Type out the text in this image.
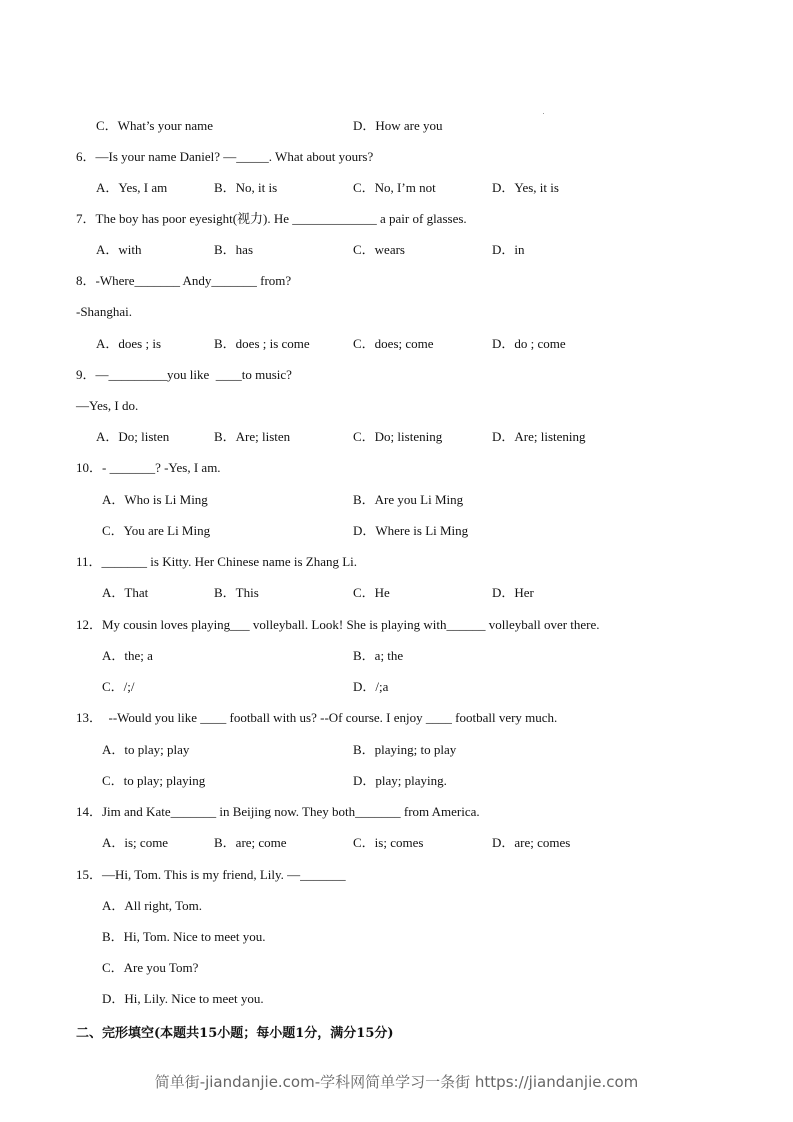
C．What’s your name	D．How are you
6．—Is your name Daniel? —_____. What about yours?
A．Yes, I am	B．No, it is	C．No, I’m not	D．Yes, it is
7．The boy has poor eyesight(视力). He _____________ a pair of glasses.
A．with	B．has	C．wears	D．in
8．-Where_______ Andy_______ from?
-Shanghai.
A．does ; is	B．does ; is come	C．does; come	D．do ; come
9．—_________you like  ____to music?
—Yes, I do.
A．Do; listen	B．Are; listen	C．Do; listening	D．Are; listening
10．- _______? -Yes, I am.
A．Who is Li Ming	B．Are you Li Ming
C．You are Li Ming	D．Where is Li Ming
11．_______ is Kitty. Her Chinese name is Zhang Li.
A．That	B．This	C．He	D．Her
12．My cousin loves playing___ volleyball. Look! She is playing with______ volleyball over there.
A．the; a	B．a; the
C．/;/	D．/;a
13．  --Would you like ____ football with us? --Of course. I enjoy ____ football very much.
A．to play; play	B．playing; to play
C．to play; playing	D．play; playing.
14．Jim and Kate_______ in Beijing now. They both_______ from America.
A．is; come	B．are; come	C．is; comes	D．are; comes
15．—Hi, Tom. This is my friend, Lily. —_______
A．All right, Tom.
B．Hi, Tom. Nice to meet you.
C．Are you Tom?
D．Hi, Lily. Nice to meet you.
二、完形填空(本题共15小题；每小题1分，满分15分)
简单街-jiandanjie.com-学科网简单学习一条街 https://jiandanjie.com
